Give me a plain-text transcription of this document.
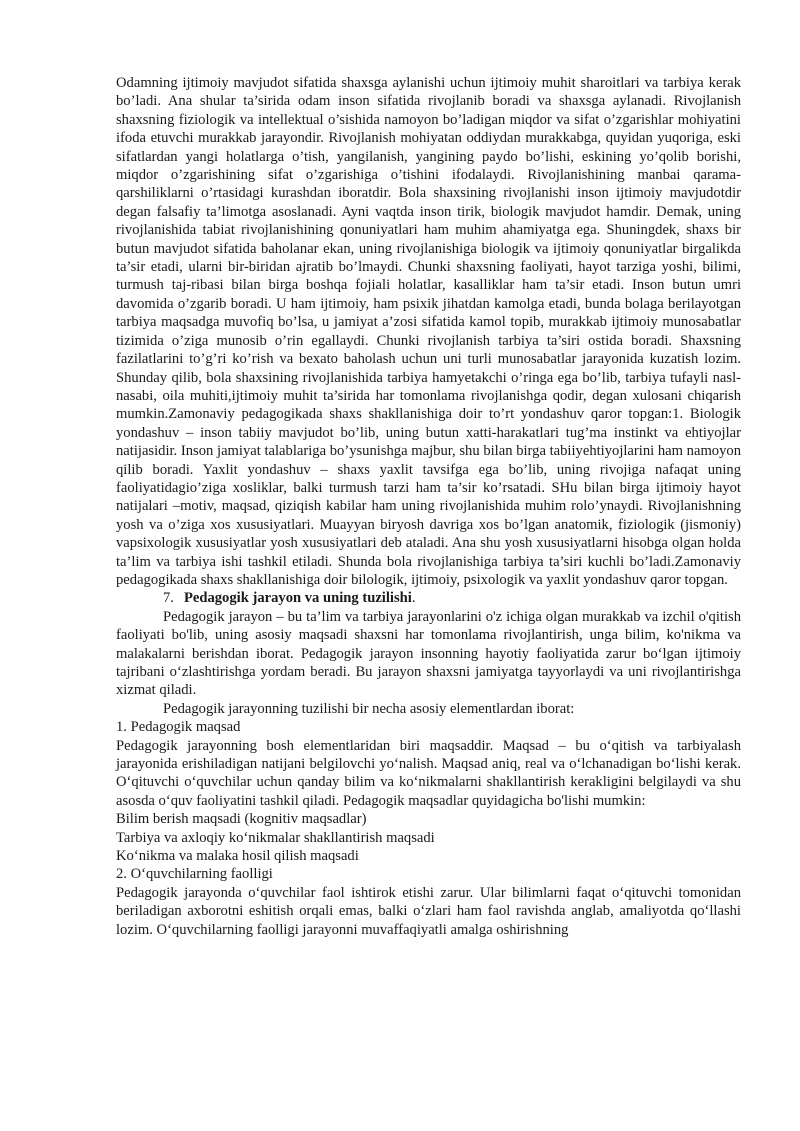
Odamning ijtimoiy mavjudot sifatida shaxsga aylanishi uchun ijtimoiy muhit sharoitlari va tarbiya kerak bo’ladi. Ana shular ta’sirida odam inson sifatida rivojlanib boradi va shaxsga aylanadi. Rivojlanish shaxsning fiziologik va intellektual o’sishida namoyon bo’ladigan miqdor va sifat o’zgarishlar mohiyatini ifoda etuvchi murakkab jarayondir. Rivojlanish mohiyatan oddiydan murakkabga, quyidan yuqoriga, eski sifatlardan yangi holatlarga o’tish, yangilanish, yangining paydo bo’lishi, eskining yo’qolib borishi, miqdor o’zgarishining sifat o’zgarishiga o’tishini ifodalaydi. Rivojlanishining manbai qarama-qarshiliklarni o’rtasidagi kurashdan iboratdir. Bola shaxsining rivojlanishi inson ijtimoiy mavjudotdir degan falsafiy ta’limotga asoslanadi. Ayni vaqtda inson tirik, biologik mavjudot hamdir. Demak, uning rivojlanishida tabiat rivojlanishining qonuniyatlari ham muhim ahamiyatga ega. Shuningdek, shaxs bir butun mavjudot sifatida baholanar ekan, uning rivojlanishiga biologik va ijtimoiy qonuniyatlar birgalikda ta’sir etadi, ularni bir-biridan ajratib bo’lmaydi. Chunki shaxsning faoliyati, hayot tarziga yoshi, bilimi, turmush taj-ribasi bilan birga boshqa fojiali holatlar, kasalliklar ham ta’sir etadi. Inson butun umri davomida o’zgarib boradi. U ham ijtimoiy, ham psixik jihatdan kamolga etadi, bunda bolaga berilayotgan tarbiya maqsadga muvofiq bo’lsa, u jamiyat a’zosi sifatida kamol topib, murakkab ijtimoiy munosabatlar tizimida o’ziga munosib o’rin egallaydi. Chunki rivojlanish tarbiya ta’siri ostida boradi. Shaxsning fazilatlarini to’g’ri ko’rish va bexato baholash uchun uni turli munosabatlar jarayonida kuzatish lozim. Shunday qilib, bola shaxsining rivojlanishida tarbiya hamyetakchi o’ringa ega bo’lib, tarbiya tufayli nasl-nasabi, oila muhiti,ijtimoiy muhit ta’sirida har tomonlama rivojlanishga qodir, degan xulosani chiqarish mumkin.Zamonaviy pedagogikada shaxs shakllanishiga doir to’rt yondashuv qaror topgan:1. Biologik yondashuv – inson tabiiy mavjudot bo’lib, uning butun xatti-harakatlari tug’ma instinkt va ehtiyojlar natijasidir. Inson jamiyat talablariga bo’ysunishga majbur, shu bilan birga tabiiyehtiyojlarini ham namoyon qilib boradi. Yaxlit yondashuv – shaxs yaxlit tavsifga ega bo’lib, uning rivojiga nafaqat uning faoliyatidagio’ziga xosliklar, balki turmush tarzi ham ta’sir ko’rsatadi. SHu bilan birga ijtimoiy hayot natijalari –motiv, maqsad, qiziqish kabilar ham uning rivojlanishida muhim rolo’ynaydi. Rivojlanishning yosh va o’ziga xos xususiyatlari. Muayyan biryosh davriga xos bo’lgan anatomik, fiziologik (jismoniy) vapsixologik xususiyatlar yosh xususiyatlari deb ataladi. Ana shu yosh xususiyatlarni hisobga olgan holda ta’lim va tarbiya ishi tashkil etiladi. Shunda bola rivojlanishiga tarbiya ta’siri kuchli bo’ladi.Zamonaviy pedagogikada shaxs shakllanishiga doir bilologik, ijtimoiy, psixologik va yaxlit yondashuv qaror topgan.

7. Pedagogik jarayon va uning tuzilishi.

Pedagogik jarayon – bu ta’lim va tarbiya jarayonlarini o'z ichiga olgan murakkab va izchil o'qitish faoliyati bo'lib, uning asosiy maqsadi shaxsni har tomonlama rivojlantirish, unga bilim, ko'nikma va malakalarni berishdan iborat. Pedagogik jarayon insonning hayotiy faoliyatida zarur bo‘lgan ijtimoiy tajribani o‘zlashtirishga yordam beradi. Bu jarayon shaxsni jamiyatga tayyorlaydi va uni rivojlantirishga xizmat qiladi.

Pedagogik jarayonning tuzilishi bir necha asosiy elementlardan iborat:

1. Pedagogik maqsad

Pedagogik jarayonning bosh elementlaridan biri maqsaddir. Maqsad – bu o‘qitish va tarbiyalash jarayonida erishiladigan natijani belgilovchi yo‘nalish. Maqsad aniq, real va o‘lchanadigan bo‘lishi kerak. O‘qituvchi o‘quvchilar uchun qanday bilim va ko‘nikmalarni shakllantirish kerakligini belgilaydi va shu asosda o‘quv faoliyatini tashkil qiladi. Pedagogik maqsadlar quyidagicha bo'lishi mumkin:

Bilim berish maqsadi (kognitiv maqsadlar)

Tarbiya va axloqiy ko‘nikmalar shakllantirish maqsadi

Ko‘nikma va malaka hosil qilish maqsadi

2. O‘quvchilarning faolligi

Pedagogik jarayonda o‘quvchilar faol ishtirok etishi zarur. Ular bilimlarni faqat o‘qituvchi tomonidan beriladigan axborotni eshitish orqali emas, balki o‘zlari ham faol ravishda anglab, amaliyotda qo‘llashi lozim. O‘quvchilarning faolligi jarayonni muvaffaqiyatli amalga oshirishning
